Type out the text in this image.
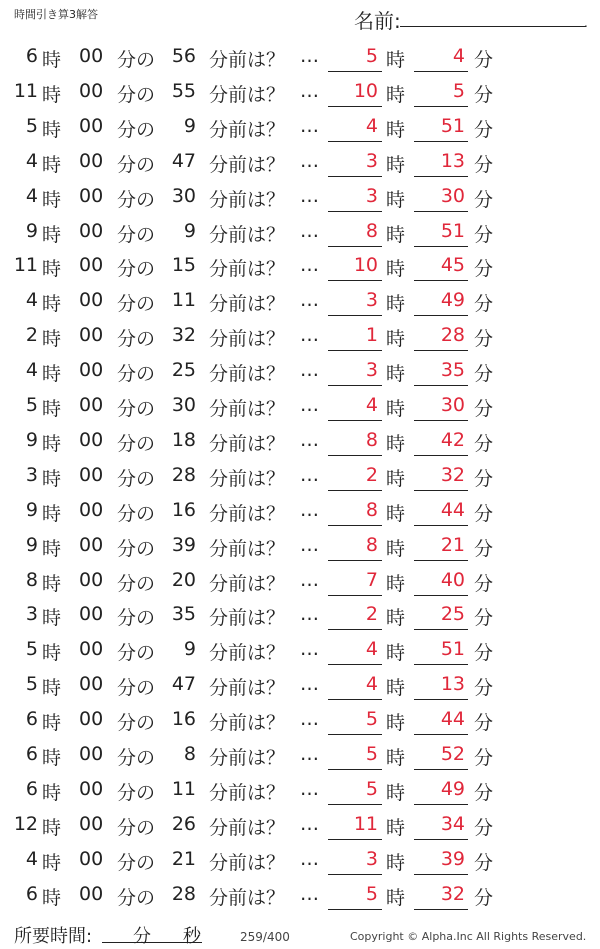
時間引き算3解答	名前:	.
6 時 00 分の 56 分前は？ …	5 時	4 分
11 時 00 分の 55 分前は？ …	10 時	5 分
5 時 00 分の	9 分前は？ …	4 時	51 分
4 時 00 分の 47 分前は？ …	3 時	13 分
4 時 00 分の 30 分前は？ …	3 時	30 分
9 時 00 分の	9 分前は？ …	8 時	51 分
11 時 00 分の 15 分前は？ …	10 時	45 分
4 時 00 分の 11 分前は？ …	3 時	49 分
2 時 00 分の 32 分前は？ …	1 時	28 分
4 時 00 分の 25 分前は？ …	3 時	35 分
5 時 00 分の 30 分前は？ …	4 時	30 分
9 時 00 分の 18 分前は？ …	8 時	42 分
3 時 00 分の 28 分前は？ …	2 時	32 分
9 時 00 分の 16 分前は？ …	8 時	44 分
9 時 00 分の 39 分前は？ …	8 時	21 分
8 時 00 分の 20 分前は？ …	7 時	40 分
3 時 00 分の 35 分前は？ …	2 時	25 分
5 時 00 分の	9 分前は？ …	4 時	51 分
5 時 00 分の 47 分前は？ …	4 時	13 分
6 時 00 分の 16 分前は？ …	5 時	44 分
6 時 00 分の	8 分前は？ …	5 時	52 分
6 時 00 分の 11 分前は？ …	5 時	49 分
12 時 00 分の 26 分前は？ …	11 時	34 分
4 時 00 分の 21 分前は？ …	3 時	39 分
6 時 00 分の 28 分前は？ …	5 時	32 分
所要時間: 分 秒	259/400	Copyright © Alpha.Inc All Rights Reserved.
